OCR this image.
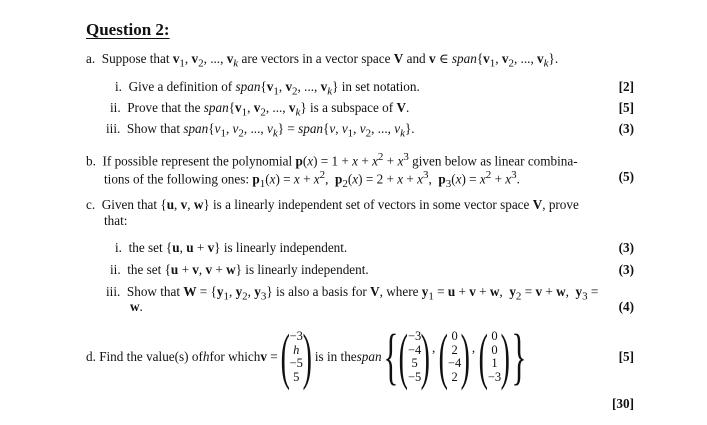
Question 2:
a. Suppose that $v_1$, $v_2$, ..., $v_k$ are vectors in a vector space V and v ∈ $span\{v_1$, $v_2$, ..., $v_k$}.
i. Give a definition of $span\{v_1$, $v_2$, ..., $v_k$} in set notation.	[2]
ii. Prove that the $span\{v_1$, $v_2$, ..., $v_k$} is a subspace of V.	[5]
iii. Show that $span\{v_1$, $v_2$, ..., $v_k$} = span{v, $v_1$, $v_2$, ..., $v_k$}.	(3)
b. If possible represent the polynomial $p(x) = 1 + x + x^2 + x^3$ given below as linear combina-
tions of the following ones: $p_1(x) = x + x^2$,  $p_2(x) = 2 + x + x^3$,  $p_3(x) = x^2 + x^3$.	(5)
c. Given that {u, v, w} is a linearly independent set of vectors in some vector space V, prove
that:
i. the set {u, u + v} is linearly independent.	(3)
ii. the set {u + v, v + w} is linearly independent.	(3)
iii. Show that $W = \{y_1$, $y_2$, $y_3$} is also a basis for V, where $y_1 = u + v + w$,  $y_2 = v + w$,  $y_3$ =
w.	(4)
d.
Find the value(s) of h for which v = ( −3
h
−5
5 )
is in the span { ( −3
−4
5
−5 ) , ( 0
2
−4
2 ) , ( 0
0
1
−3 ) }	[5]
[30]
